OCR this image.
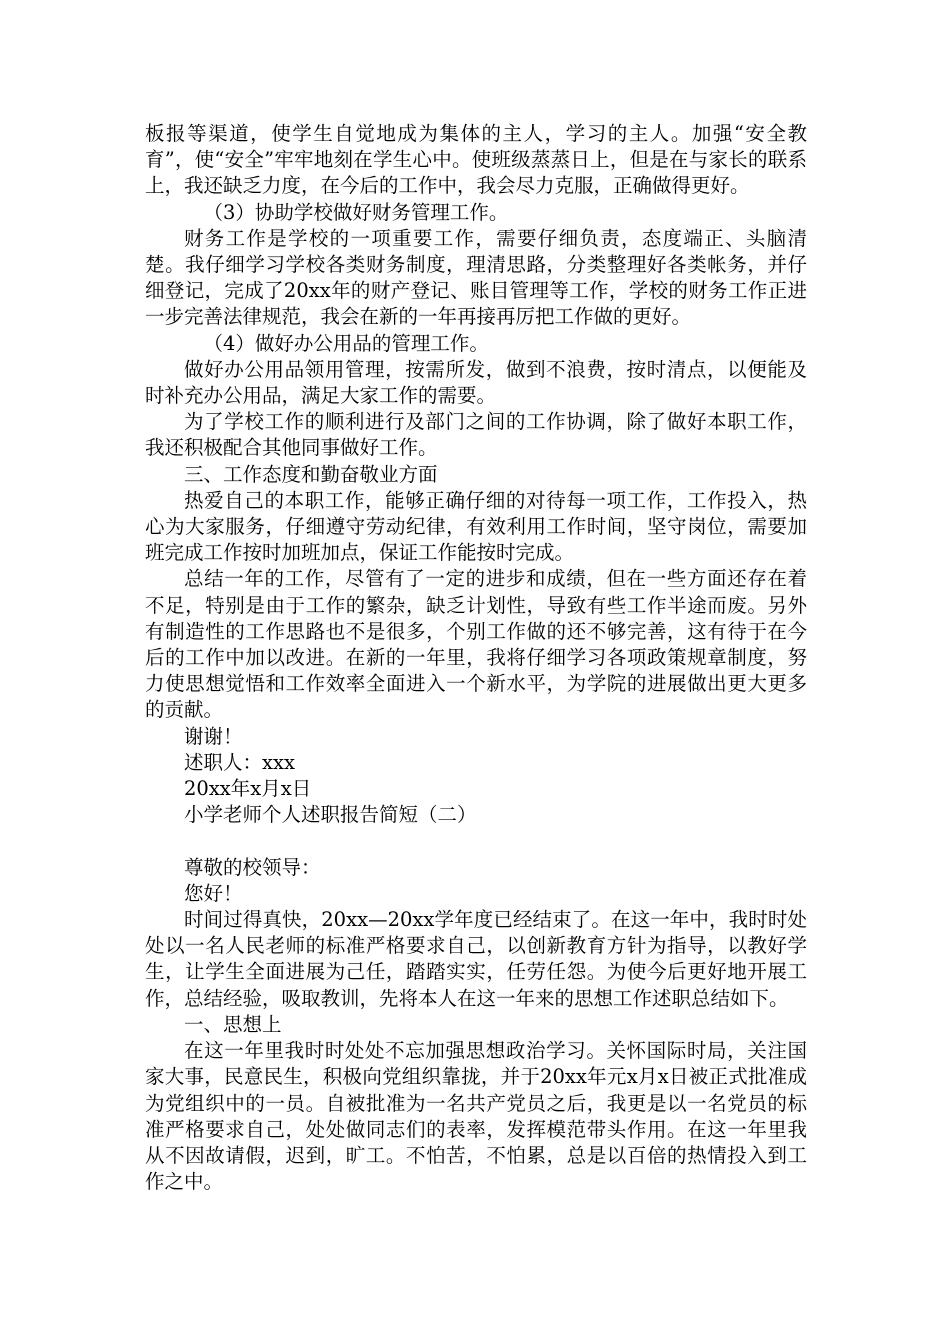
板报等渠道，使学生自觉地成为集体的主人，学习的主人。加强“安全教育”，使“安全”牢牢地刻在学生心中。使班级蒸蒸日上，但是在与家长的联系上，我还缺乏力度，在今后的工作中，我会尽力克服，正确做得更好。

（3）协助学校做好财务管理工作。

财务工作是学校的一项重要工作，需要仔细负责，态度端正、头脑清楚。我仔细学习学校各类财务制度，理清思路，分类整理好各类帐务，并仔细登记，完成了20xx年的财产登记、账目管理等工作，学校的财务工作正进一步完善法律规范，我会在新的一年再接再厉把工作做的更好。

（4）做好办公用品的管理工作。

做好办公用品领用管理，按需所发，做到不浪费，按时清点，以便能及时补充办公用品，满足大家工作的需要。

为了学校工作的顺利进行及部门之间的工作协调，除了做好本职工作，我还积极配合其他同事做好工作。

三、工作态度和勤奋敬业方面

热爱自己的本职工作，能够正确仔细的对待每一项工作，工作投入，热心为大家服务，仔细遵守劳动纪律，有效利用工作时间，坚守岗位，需要加班完成工作按时加班加点，保证工作能按时完成。

总结一年的工作，尽管有了一定的进步和成绩，但在一些方面还存在着不足，特别是由于工作的繁杂，缺乏计划性，导致有些工作半途而废。另外有制造性的工作思路也不是很多，个别工作做的还不够完善，这有待于在今后的工作中加以改进。在新的一年里，我将仔细学习各项政策规章制度，努力使思想觉悟和工作效率全面进入一个新水平，为学院的进展做出更大更多的贡献。

谢谢！

述职人：xxx

20xx年x月x日

小学老师个人述职报告简短（二）

尊敬的校领导：

您好！

时间过得真快，20xx—20xx学年度已经结束了。在这一年中，我时时处处以一名人民老师的标准严格要求自己，以创新教育方针为指导，以教好学生，让学生全面进展为己任，踏踏实实，任劳任怨。为使今后更好地开展工作，总结经验，吸取教训，先将本人在这一年来的思想工作述职总结如下。

一、思想上

在这一年里我时时处处不忘加强思想政治学习。关怀国际时局，关注国家大事，民意民生，积极向党组织靠拢，并于20xx年元x月x日被正式批准成为党组织中的一员。自被批准为一名共产党员之后，我更是以一名党员的标准严格要求自己，处处做同志们的表率，发挥模范带头作用。在这一年里我从不因故请假，迟到，旷工。不怕苦，不怕累，总是以百倍的热情投入到工作之中。
